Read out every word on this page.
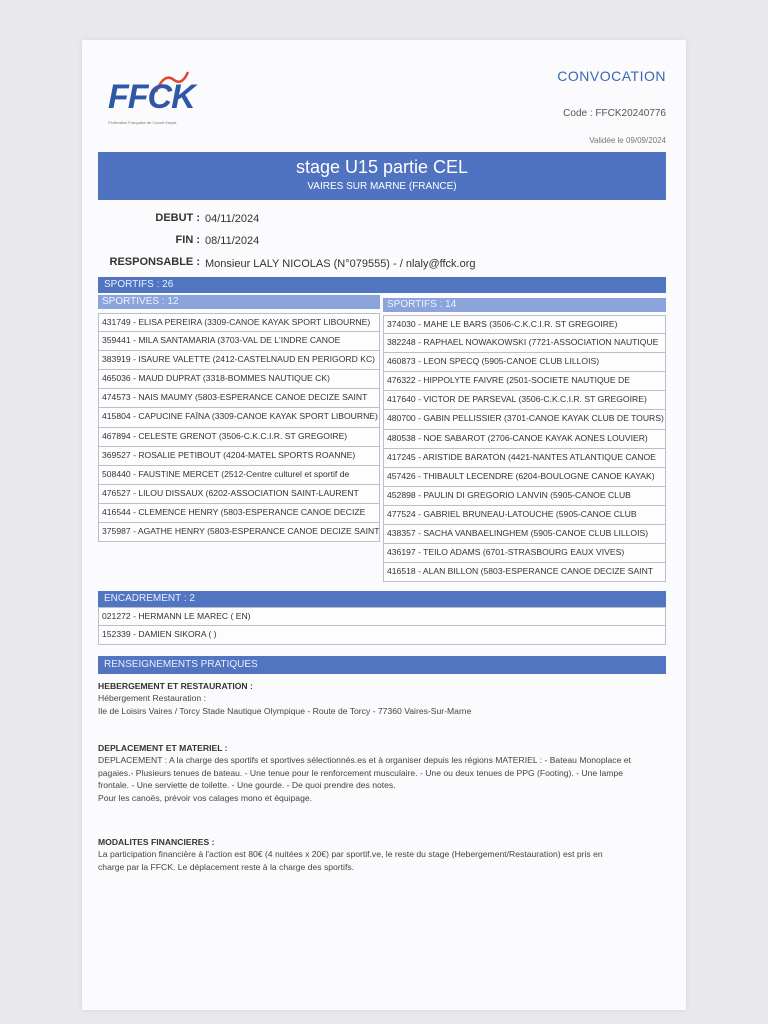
FFCK
Fédération Française de Canoë Kayak
CONVOCATION
Code : FFCK20240776
Validée le 09/09/2024
stage U15 partie CEL
VAIRES SUR MARNE (FRANCE)
DEBUT : 04/11/2024
FIN : 08/11/2024
RESPONSABLE : Monsieur LALY NICOLAS (N°079555) - / nlaly@ffck.org
SPORTIFS : 26
SPORTIVES : 12	SPORTIFS : 14
431749 - ELISA PEREIRA (3309-CANOE KAYAK SPORT LIBOURNE)
359441 - MILA SANTAMARIA (3703-VAL DE L'INDRE CANOE
383919 - ISAURE VALETTE (2412-CASTELNAUD EN PERIGORD KC)
465036 - MAUD DUPRAT (3318-BOMMES NAUTIQUE CK)
474573 - NAIS MAUMY (5803-ESPERANCE CANOE DECIZE SAINT
415804 - CAPUCINE FAÏNA (3309-CANOE KAYAK SPORT LIBOURNE)
467894 - CELESTE GRENOT (3506-C.K.C.I.R. ST GREGOIRE)
369527 - ROSALIE PETIBOUT (4204-MATEL SPORTS ROANNE)
508440 - FAUSTINE MERCET (2512-Centre culturel et sportif de
476527 - LILOU DISSAUX (6202-ASSOCIATION SAINT-LAURENT
416544 - CLEMENCE HENRY (5803-ESPERANCE CANOE DECIZE
375987 - AGATHE HENRY (5803-ESPERANCE CANOE DECIZE SAINT
374030 - MAHE LE BARS (3506-C.K.C.I.R. ST GREGOIRE)
382248 - RAPHAEL NOWAKOWSKI (7721-ASSOCIATION NAUTIQUE
460873 - LEON SPECQ (5905-CANOE CLUB LILLOIS)
476322 - HIPPOLYTE FAIVRE (2501-SOCIETE NAUTIQUE DE
417640 - VICTOR DE PARSEVAL (3506-C.K.C.I.R. ST GREGOIRE)
480700 - GABIN PELLISSIER (3701-CANOE KAYAK CLUB DE TOURS)
480538 - NOE SABAROT (2706-CANOE KAYAK AONES LOUVIER)
417245 - ARISTIDE BARATON (4421-NANTES ATLANTIQUE CANOE
457426 - THIBAULT LECENDRE (6204-BOULOGNE CANOE KAYAK)
452898 - PAULIN DI GREGORIO LANVIN (5905-CANOE CLUB
477524 - GABRIEL BRUNEAU-LATOUCHE (5905-CANOE CLUB
438357 - SACHA VANBAELINGHEM (5905-CANOE CLUB LILLOIS)
436197 - TEILO ADAMS (6701-STRASBOURG EAUX VIVES)
416518 - ALAN BILLON (5803-ESPERANCE CANOE DECIZE SAINT
ENCADREMENT : 2
021272 - HERMANN LE MAREC ( EN)
152339 - DAMIEN SIKORA ( )
RENSEIGNEMENTS PRATIQUES
HEBERGEMENT ET RESTAURATION :
Hébergement Restauration :
Ile de Loisirs Vaires / Torcy Stade Nautique Olympique - Route de Torcy - 77360 Vaires-Sur-Marne
DEPLACEMENT ET MATERIEL :
DEPLACEMENT : A la charge des sportifs et sportives sélectionnés.es et à organiser depuis les régions MATERIEL : - Bateau Monoplace et
pagaies.- Plusieurs tenues de bateau. - Une tenue pour le renforcement musculaire. - Une ou deux tenues de PPG (Footing). - Une lampe
frontale. - Une serviette de toilette. - Une gourde. - De quoi prendre des notes.
Pour les canoës, prévoir vos calages mono et équipage.
MODALITES FINANCIERES :
La participation financière à l'action est 80€ (4 nuitées x 20€) par sportif.ve, le reste du stage (Hebergement/Restauration) est pris en
charge par la FFCK. Le déplacement reste à la charge des sportifs.
